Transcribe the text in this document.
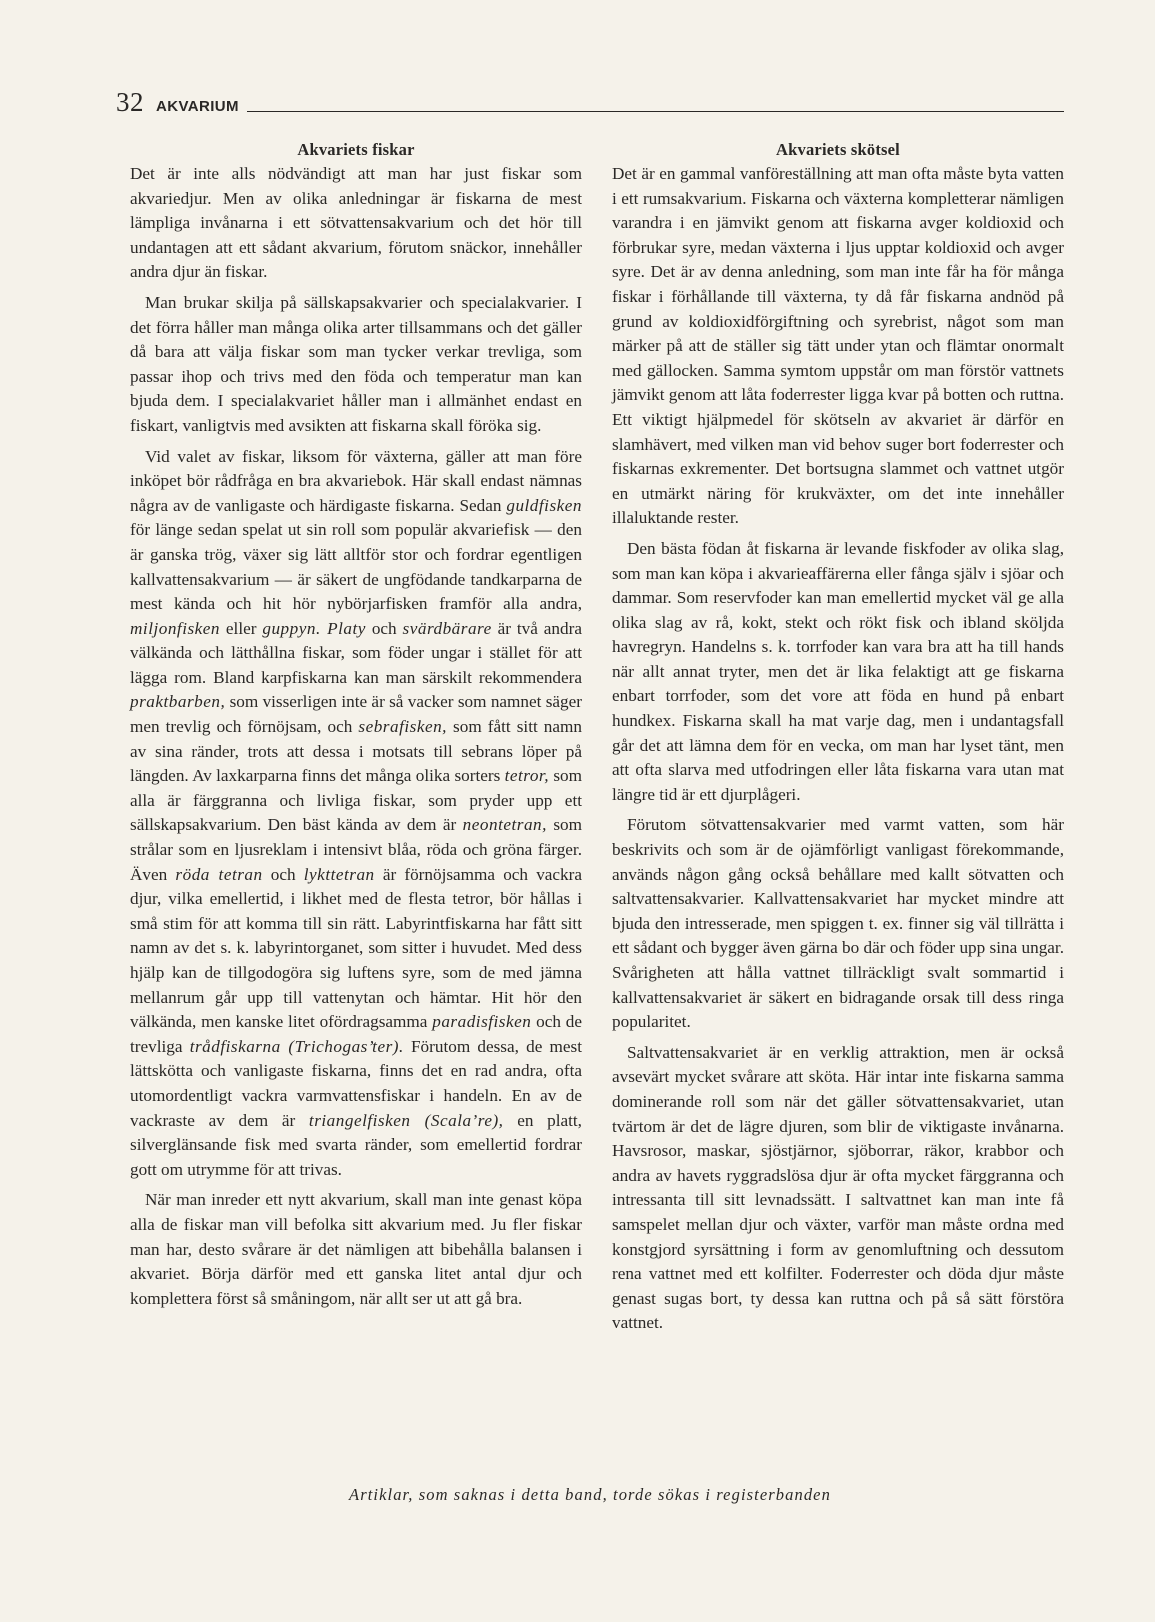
32 AKVARIUM
Akvariets fiskar

Det är inte alls nödvändigt att man har just fiskar som akvariedjur. Men av olika anledningar är fiskarna de mest lämpliga invånarna i ett sötvattensakvarium och det hör till undantagen att ett sådant akvarium, förutom snäckor, innehåller andra djur än fiskar.

Man brukar skilja på sällskapsakvarier och specialakvarier. I det förra håller man många olika arter tillsammans och det gäller då bara att välja fiskar som man tycker verkar trevliga, som passar ihop och trivs med den föda och temperatur man kan bjuda dem. I specialakvariet håller man i allmänhet endast en fiskart, vanligtvis med avsikten att fiskarna skall föröka sig.

Vid valet av fiskar, liksom för växterna, gäller att man före inköpet bör rådfråga en bra akvariebok. Här skall endast nämnas några av de vanligaste och härdigaste fiskarna. Sedan guldfisken för länge sedan spelat ut sin roll som populär akvariefisk — den är ganska trög, växer sig lätt alltför stor och fordrar egentligen kallvattensakvarium — är säkert de ungfödande tandkarparna de mest kända och hit hör nybörjarfisken framför alla andra, miljonfisken eller guppyn. Platy och svärdbärare är två andra välkända och lätthållna fiskar, som föder ungar i stället för att lägga rom. Bland karpfiskarna kan man särskilt rekommendera praktbarben, som visserligen inte är så vacker som namnet säger men trevlig och förnöjsam, och sebrafisken, som fått sitt namn av sina ränder, trots att dessa i motsats till sebrans löper på längden. Av laxkarparna finns det många olika sorters tetror, som alla är färggranna och livliga fiskar, som pryder upp ett sällskapsakvarium. Den bäst kända av dem är neontetran, som strålar som en ljusreklam i intensivt blåa, röda och gröna färger. Även röda tetran och lykttetran är förnöjsamma och vackra djur, vilka emellertid, i likhet med de flesta tetror, bör hållas i små stim för att komma till sin rätt. Labyrintfiskarna har fått sitt namn av det s. k. labyrintorganet, som sitter i huvudet. Med dess hjälp kan de tillgodogöra sig luftens syre, som de med jämna mellanrum går upp till vattenytan och hämtar. Hit hör den välkända, men kanske litet ofördragsamma paradisfisken och de trevliga trådfiskarna (Trichogas’ter). Förutom dessa, de mest lättskötta och vanligaste fiskarna, finns det en rad andra, ofta utomordentligt vackra varmvattensfiskar i handeln. En av de vackraste av dem är triangelfisken (Scala’re), en platt, silverglänsande fisk med svarta ränder, som emellertid fordrar gott om utrymme för att trivas.

När man inreder ett nytt akvarium, skall man inte genast köpa alla de fiskar man vill befolka sitt akvarium med. Ju fler fiskar man har, desto svårare är det nämligen att bibehålla balansen i akvariet. Börja därför med ett ganska litet antal djur och komplettera först så småningom, när allt ser ut att gå bra.

Akvariets skötsel

Det är en gammal vanföreställning att man ofta måste byta vatten i ett rumsakvarium. Fiskarna och växterna kompletterar nämligen varandra i en jämvikt genom att fiskarna avger koldioxid och förbrukar syre, medan växterna i ljus upptar koldioxid och avger syre. Det är av denna anledning, som man inte får ha för många fiskar i förhållande till växterna, ty då får fiskarna andnöd på grund av koldioxidförgiftning och syrebrist, något som man märker på att de ställer sig tätt under ytan och flämtar onormalt med gällocken. Samma symtom uppstår om man förstör vattnets jämvikt genom att låta foderrester ligga kvar på botten och ruttna. Ett viktigt hjälpmedel för skötseln av akvariet är därför en slamhävert, med vilken man vid behov suger bort foderrester och fiskarnas exkrementer. Det bortsugna slammet och vattnet utgör en utmärkt näring för krukväxter, om det inte innehåller illaluktande rester.

Den bästa födan åt fiskarna är levande fiskfoder av olika slag, som man kan köpa i akvarieaffärerna eller fånga själv i sjöar och dammar. Som reservfoder kan man emellertid mycket väl ge alla olika slag av rå, kokt, stekt och rökt fisk och ibland sköljda havregryn. Handelns s. k. torrfoder kan vara bra att ha till hands när allt annat tryter, men det är lika felaktigt att ge fiskarna enbart torrfoder, som det vore att föda en hund på enbart hundkex. Fiskarna skall ha mat varje dag, men i undantagsfall går det att lämna dem för en vecka, om man har lyset tänt, men att ofta slarva med utfodringen eller låta fiskarna vara utan mat längre tid är ett djurplågeri.

Förutom sötvattensakvarier med varmt vatten, som här beskrivits och som är de ojämförligt vanligast förekommande, används någon gång också behållare med kallt sötvatten och saltvattensakvarier. Kallvattensakvariet har mycket mindre att bjuda den intresserade, men spiggen t. ex. finner sig väl tillrätta i ett sådant och bygger även gärna bo där och föder upp sina ungar. Svårigheten att hålla vattnet tillräckligt svalt sommartid i kallvattensakvariet är säkert en bidragande orsak till dess ringa popularitet.

Saltvattensakvariet är en verklig attraktion, men är också avsevärt mycket svårare att sköta. Här intar inte fiskarna samma dominerande roll som när det gäller sötvattensakvariet, utan tvärtom är det de lägre djuren, som blir de viktigaste invånarna. Havsrosor, maskar, sjöstjärnor, sjöborrar, räkor, krabbor och andra av havets ryggradslösa djur är ofta mycket färggranna och intressanta till sitt levnadssätt. I saltvattnet kan man inte få samspelet mellan djur och växter, varför man måste ordna med konstgjord syrsättning i form av genomluftning och dessutom rena vattnet med ett kolfilter. Foderrester och döda djur måste genast sugas bort, ty dessa kan ruttna och på så sätt förstöra vattnet.

Artiklar, som saknas i detta band, torde sökas i registerbanden
